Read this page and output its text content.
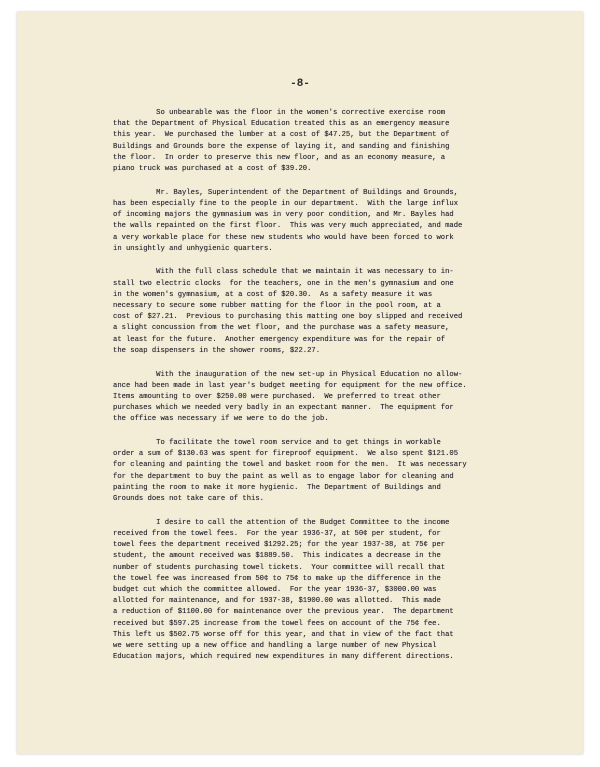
-8-
So unbearable was the floor in the women's corrective exercise room
that the Department of Physical Education treated this as an emergency measure
this year.  We purchased the lumber at a cost of $47.25, but the Department of
Buildings and Grounds bore the expense of laying it, and sanding and finishing
the floor.  In order to preserve this new floor, and as an economy measure, a
piano truck was purchased at a cost of $39.20.
Mr. Bayles, Superintendent of the Department of Buildings and Grounds,
has been especially fine to the people in our department.  With the large influx
of incoming majors the gymnasium was in very poor condition, and Mr. Bayles had
the walls repainted on the first floor.  This was very much appreciated, and made
a very workable place for these new students who would have been forced to work
in unsightly and unhygienic quarters.
With the full class schedule that we maintain it was necessary to in-
stall two electric clocks  for the teachers, one in the men's gymnasium and one
in the women's gymnasium, at a cost of $20.30.  As a safety measure it was
necessary to secure some rubber matting for the floor in the pool room, at a
cost of $27.21.  Previous to purchasing this matting one boy slipped and received
a slight concussion from the wet floor, and the purchase was a safety measure,
at least for the future.  Another emergency expenditure was for the repair of
the soap dispensers in the shower rooms, $22.27.
With the inauguration of the new set-up in Physical Education no allow-
ance had been made in last year's budget meeting for equipment for the new office.
Items amounting to over $250.00 were purchased.  We preferred to treat other
purchases which we needed very badly in an expectant manner.  The equipment for
the office was necessary if we were to do the job.
To facilitate the towel room service and to get things in workable
order a sum of $130.63 was spent for fireproof equipment.  We also spent $121.05
for cleaning and painting the towel and basket room for the men.  It was necessary
for the department to buy the paint as well as to engage labor for cleaning and
painting the room to make it more hygienic.  The Department of Buildings and
Grounds does not take care of this.
I desire to call the attention of the Budget Committee to the income
received from the towel fees.  For the year 1936-37, at 50¢ per student, for
towel fees the department received $1292.25; for the year 1937-38, at 75¢ per
student, the amount received was $1889.50.  This indicates a decrease in the
number of students purchasing towel tickets.  Your committee will recall that
the towel fee was increased from 50¢ to 75¢ to make up the difference in the
budget cut which the committee allowed.  For the year 1936-37, $3000.00 was
allotted for maintenance, and for 1937-38, $1900.00 was allotted.  This made
a reduction of $1100.00 for maintenance over the previous year.  The department
received but $597.25 increase from the towel fees on account of the 75¢ fee.
This left us $502.75 worse off for this year, and that in view of the fact that
we were setting up a new office and handling a large number of new Physical
Education majors, which required new expenditures in many different directions.
